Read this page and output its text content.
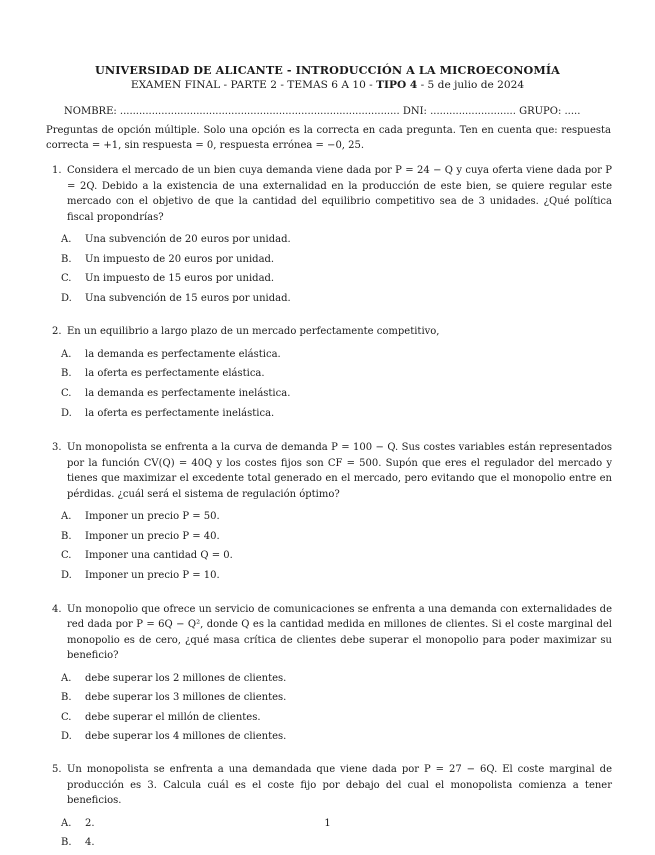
UNIVERSIDAD DE ALICANTE - INTRODUCCIÓN A LA MICROECONOMÍA
EXAMEN FINAL - PARTE 2 - TEMAS 6 A 10 - TIPO 4 - 5 de julio de 2024
NOMBRE: ........................................................................................ DNI: ........................... GRUPO: .....
Preguntas de opción múltiple. Solo una opción es la correcta en cada pregunta. Ten en cuenta que: respuesta correcta = +1, sin respuesta = 0, respuesta errónea = −0, 25.
1. Considera el mercado de un bien cuya demanda viene dada por P = 24 − Q y cuya oferta viene dada por P = 2Q. Debido a la existencia de una externalidad en la producción de este bien, se quiere regular este mercado con el objetivo de que la cantidad del equilibrio competitivo sea de 3 unidades. ¿Qué política fiscal propondrías?
A. Una subvención de 20 euros por unidad.
B. Un impuesto de 20 euros por unidad.
C. Un impuesto de 15 euros por unidad.
D. Una subvención de 15 euros por unidad.
2. En un equilibrio a largo plazo de un mercado perfectamente competitivo,
A. la demanda es perfectamente elástica.
B. la oferta es perfectamente elástica.
C. la demanda es perfectamente inelástica.
D. la oferta es perfectamente inelástica.
3. Un monopolista se enfrenta a la curva de demanda P = 100 − Q. Sus costes variables están representados por la función CV(Q) = 40Q y los costes fijos son CF = 500. Supón que eres el regulador del mercado y tienes que maximizar el excedente total generado en el mercado, pero evitando que el monopolio entre en pérdidas. ¿cuál será el sistema de regulación óptimo?
A. Imponer un precio P = 50.
B. Imponer un precio P = 40.
C. Imponer una cantidad Q = 0.
D. Imponer un precio P = 10.
4. Un monopolio que ofrece un servicio de comunicaciones se enfrenta a una demanda con externalidades de red dada por P = 6Q − Q², donde Q es la cantidad medida en millones de clientes. Si el coste marginal del monopolio es de cero, ¿qué masa crítica de clientes debe superar el monopolio para poder maximizar su beneficio?
A. debe superar los 2 millones de clientes.
B. debe superar los 3 millones de clientes.
C. debe superar el millón de clientes.
D. debe superar los 4 millones de clientes.
5. Un monopolista se enfrenta a una demandada que viene dada por P = 27 − 6Q. El coste marginal de producción es 3. Calcula cuál es el coste fijo por debajo del cual el monopolista comienza a tener beneficios.
A. 2.
B. 4.
1
